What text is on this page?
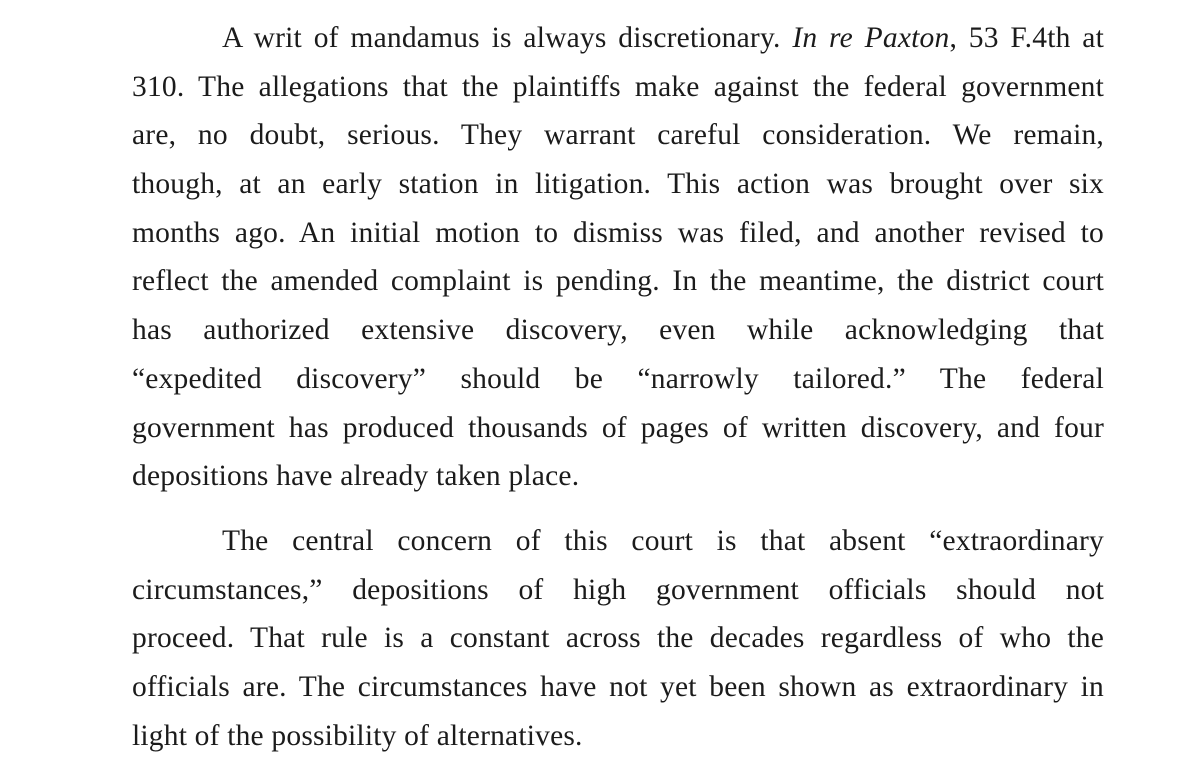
A writ of mandamus is always discretionary. In re Paxton, 53 F.4th at
310. The allegations that the plaintiffs make against the federal government
are, no doubt, serious. They warrant careful consideration. We remain,
though, at an early station in litigation. This action was brought over six
months ago. An initial motion to dismiss was filed, and another revised to
reflect the amended complaint is pending. In the meantime, the district court
has authorized extensive discovery, even while acknowledging that
“expedited discovery” should be “narrowly tailored.” The federal
government has produced thousands of pages of written discovery, and four
depositions have already taken place.
The central concern of this court is that absent “extraordinary
circumstances,” depositions of high government officials should not
proceed. That rule is a constant across the decades regardless of who the
officials are. The circumstances have not yet been shown as extraordinary in
light of the possibility of alternatives.
